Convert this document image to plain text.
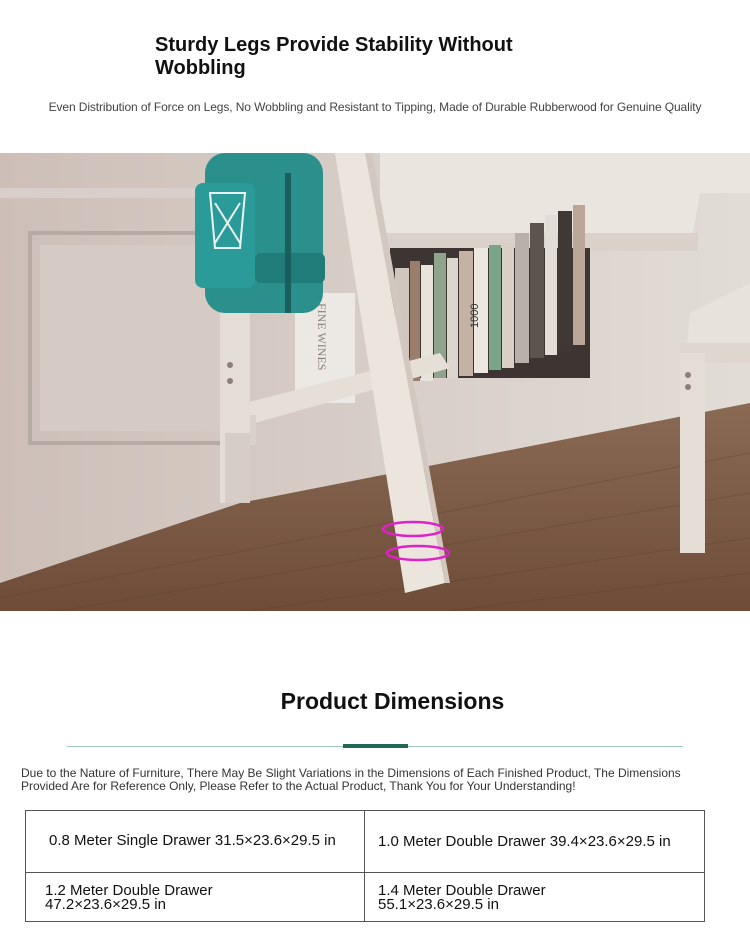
Sturdy Legs Provide Stability Without Wobbling
Even Distribution of Force on Legs, No Wobbling and Resistant to Tipping, Made of Durable Rubberwood for Genuine Quality
1000
FINE WINES
Product Dimensions
Due to the Nature of Furniture, There May Be Slight Variations in the Dimensions of Each Finished Product, The Dimensions Provided Are for Reference Only, Please Refer to the Actual Product, Thank You for Your Understanding!
0.8 Meter Single Drawer 31.5×23.6×29.5 in	1.0 Meter Double Drawer 39.4×23.6×29.5 in
1.2 Meter Double Drawer
47.2×23.6×29.5 in
1.4 Meter Double Drawer
55.1×23.6×29.5 in
